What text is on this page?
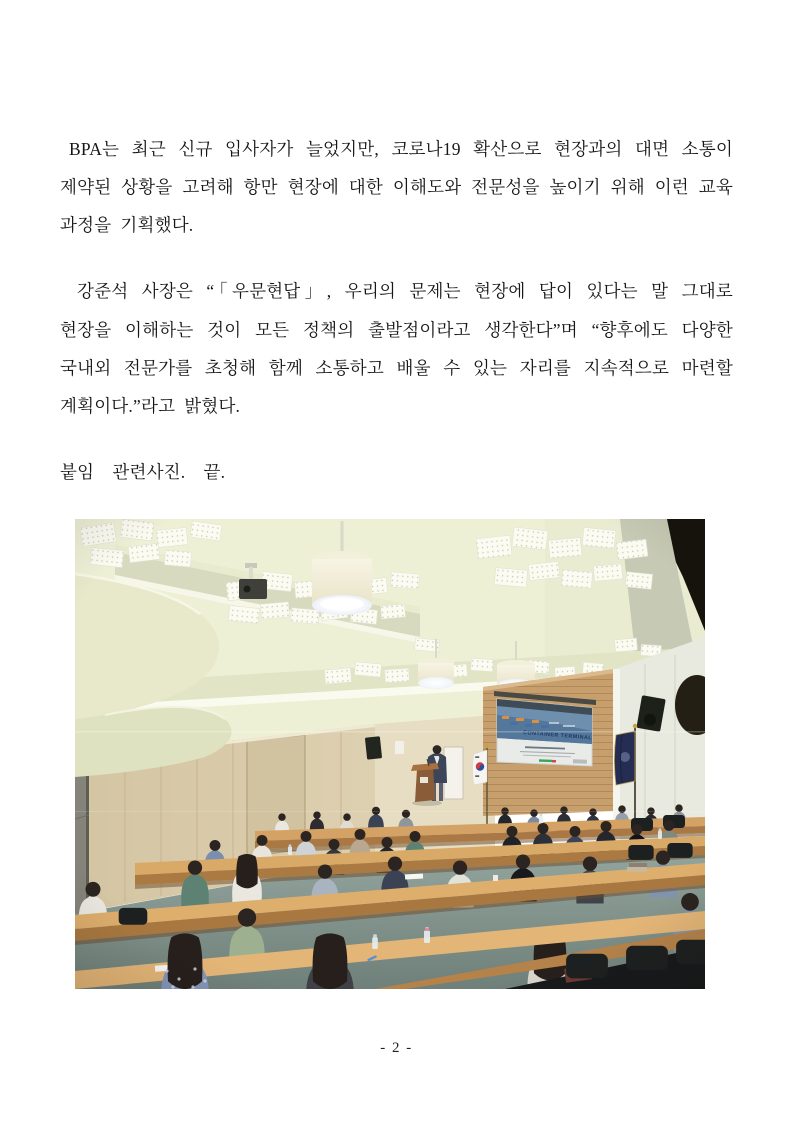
BPA는 최근 신규 입사자가 늘었지만, 코로나19 확산으로 현장과의 대면 소통이 제약된 상황을 고려해 항만 현장에 대한 이해도와 전문성을 높이기 위해 이런 교육 과정을 기획했다.

강준석 사장은 “「우문현답」, 우리의 문제는 현장에 답이 있다는 말 그대로 현장을 이해하는 것이 모든 정책의 출발점이라고 생각한다”며 “향후에도 다양한 국내외 전문가를 초청해 함께 소통하고 배울 수 있는 자리를 지속적으로 마련할 계획이다.”라고 밝혔다.

붙임  관련사진.  끝.

- 2 -
